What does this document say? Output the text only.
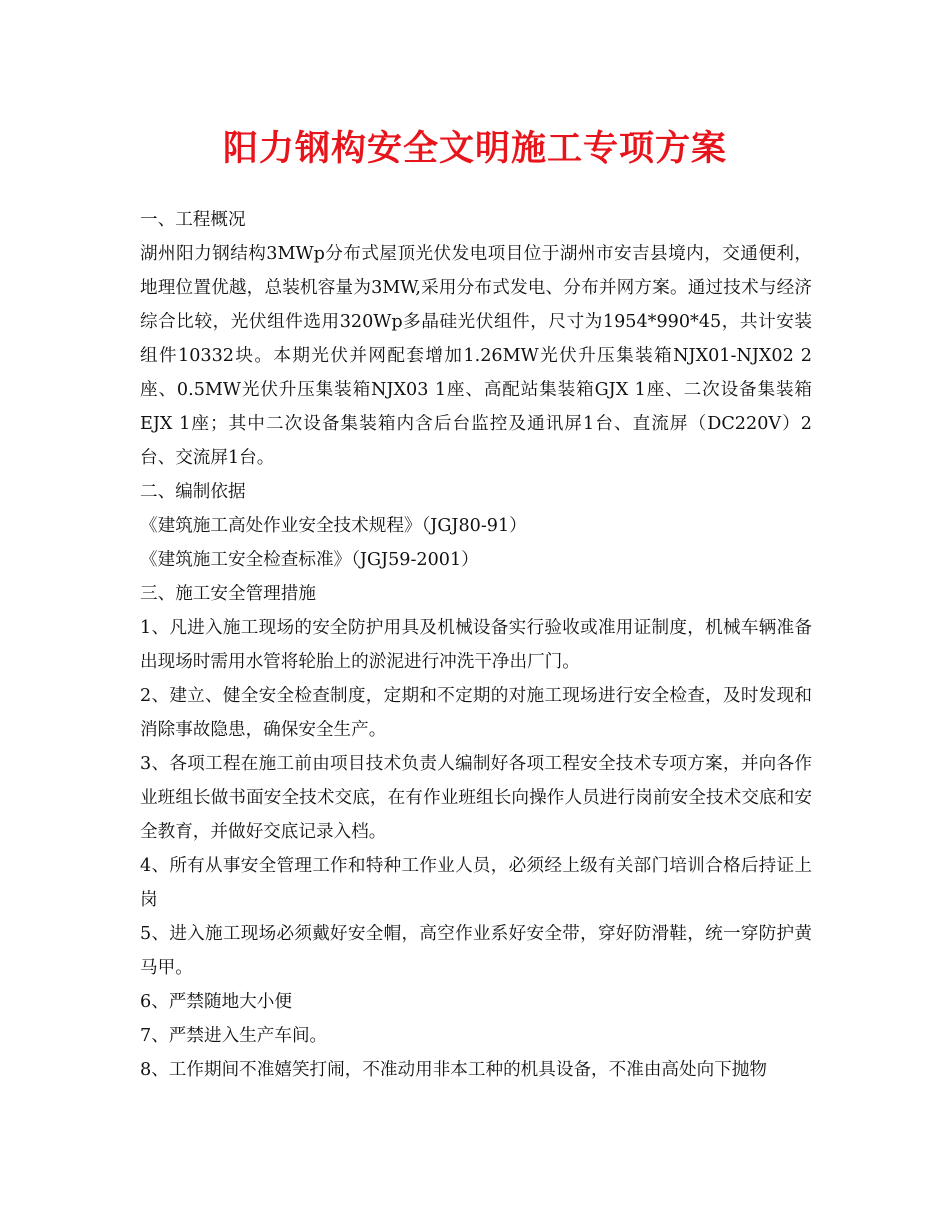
阳力钢构安全文明施工专项方案

一、工程概况

湖州阳力钢结构3MWp分布式屋顶光伏发电项目位于湖州市安吉县境内，交通便利，地理位置优越，总装机容量为3MW,采用分布式发电、分布并网方案。通过技术与经济综合比较，光伏组件选用320Wp多晶硅光伏组件，尺寸为1954*990*45，共计安装组件10332块。本期光伏并网配套增加1.26MW光伏升压集装箱NJX01-NJX02 2座、0.5MW光伏升压集装箱NJX03 1座、高配站集装箱GJX 1座、二次设备集装箱EJX 1座；其中二次设备集装箱内含后台监控及通讯屏1台、直流屏（DC220V）2台、交流屏1台。

二、编制依据

《建筑施工高处作业安全技术规程》（JGJ80-91）

《建筑施工安全检查标准》（JGJ59-2001）

三、施工安全管理措施

1、凡进入施工现场的安全防护用具及机械设备实行验收或准用证制度，机械车辆准备出现场时需用水管将轮胎上的淤泥进行冲洗干净出厂门。

2、建立、健全安全检查制度，定期和不定期的对施工现场进行安全检查，及时发现和消除事故隐患，确保安全生产。

3、各项工程在施工前由项目技术负责人编制好各项工程安全技术专项方案，并向各作业班组长做书面安全技术交底，在有作业班组长向操作人员进行岗前安全技术交底和安全教育，并做好交底记录入档。

4、所有从事安全管理工作和特种工作业人员，必须经上级有关部门培训合格后持证上岗

5、进入施工现场必须戴好安全帽，高空作业系好安全带，穿好防滑鞋，统一穿防护黄马甲。

6、严禁随地大小便

7、严禁进入生产车间。

8、工作期间不准嬉笑打闹，不准动用非本工种的机具设备，不准由高处向下抛物
